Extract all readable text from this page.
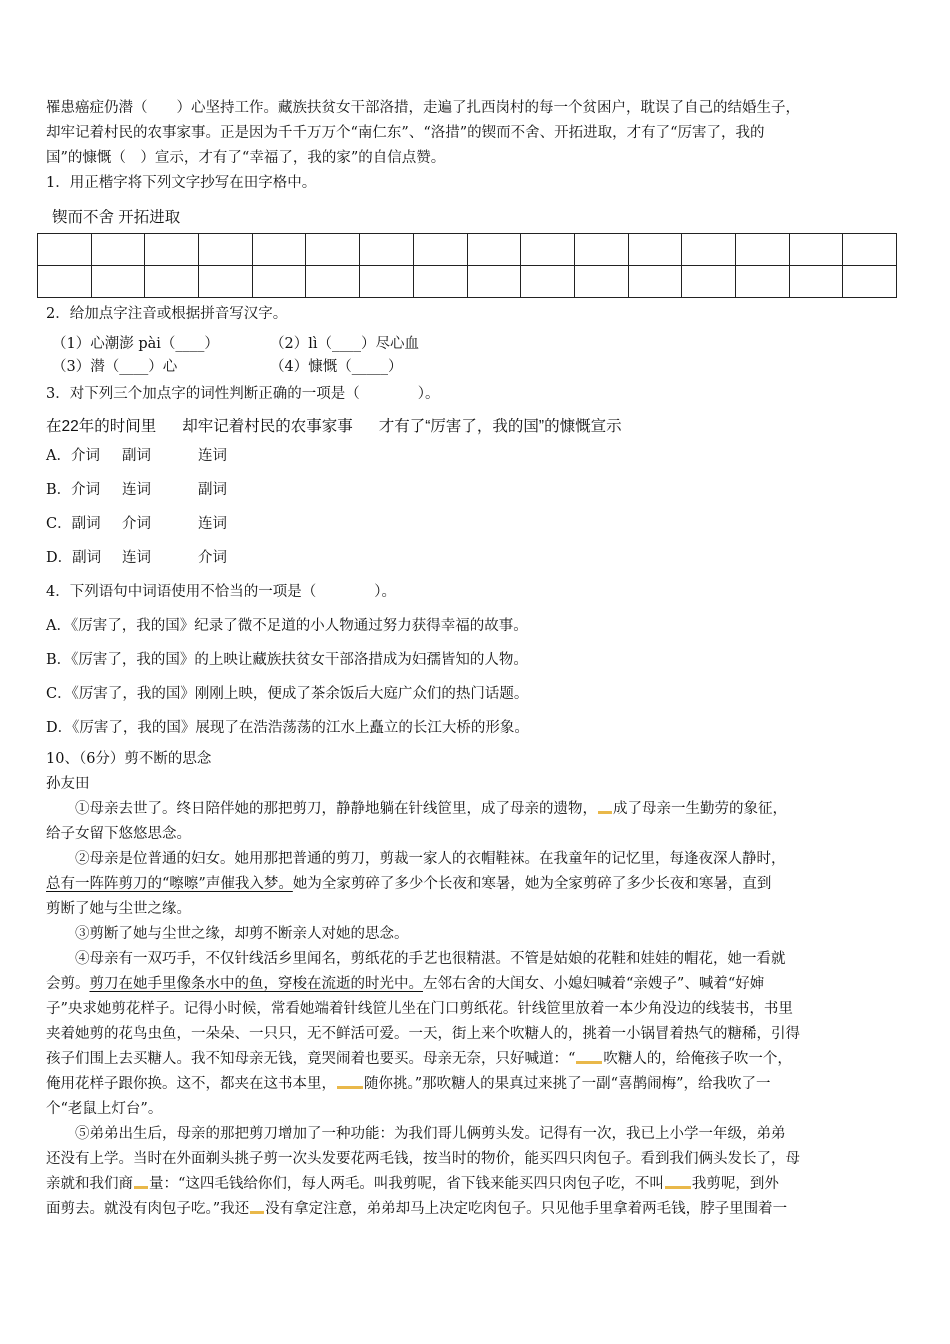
罹患癌症仍潜（　　）心坚持工作。藏族扶贫女干部洛措，走遍了扎西岗村的每一个贫困户，耽误了自己的结婚生子，

却牢记着村民的农事家事。正是因为千千万万个“南仁东”、“洛措”的锲而不舍、开拓进取，才有了“厉害了，我的

国”的慷慨（　）宣示，才有了“幸福了，我的家”的自信点赞。

1．用正楷字将下列文字抄写在田字格中。

锲而不舍 开拓进取

2．给加点字注音或根据拼音写汉字。

（1）心潮澎 pài（____）	（2）lì（____）尽心血

（3）潜（____）心	（4）慷慨（_____）

3．对下列三个加点字的词性判断正确的一项是（　　　　）。

在22年的时间里 却牢记着村民的农事家事 才有了“厉害了，我的国”的慷慨宣示

A．介词 副词	连词

B．介词 连词	副词

C．副词 介词	连词

D．副词 连词	介词

4．下列语句中词语使用不恰当的一项是（　　　　）。

A．《厉害了，我的国》纪录了微不足道的小人物通过努力获得幸福的故事。

B．《厉害了，我的国》的上映让藏族扶贫女干部洛措成为妇孺皆知的人物。

C．《厉害了，我的国》刚刚上映，便成了茶余饭后大庭广众们的热门话题。

D．《厉害了，我的国》展现了在浩浩荡荡的江水上矗立的长江大桥的形象。

10、（6分）剪不断的思念

孙友田

①母亲去世了。终日陪伴她的那把剪刀，静静地躺在针线笸里，成了母亲的遗物， 成了母亲一生勤劳的象征，

给子女留下悠悠思念。

②母亲是位普通的妇女。她用那把普通的剪刀，剪裁一家人的衣帽鞋袜。在我童年的记忆里，每逢夜深人静时，

总有一阵阵剪刀的“嚓嚓”声催我入梦。她为全家剪碎了多少个长夜和寒暑，她为全家剪碎了多少长夜和寒暑，直到

剪断了她与尘世之缘。

③剪断了她与尘世之缘，却剪不断亲人对她的思念。

④母亲有一双巧手，不仅针线活乡里闻名，剪纸花的手艺也很精湛。不管是姑娘的花鞋和娃娃的帽花，她一看就

会剪。剪刀在她手里像条水中的鱼，穿梭在流逝的时光中。左邻右舍的大闺女、小媳妇喊着“亲嫂子”、喊着“好婶

子”央求她剪花样子。记得小时候，常看她端着针线笸儿坐在门口剪纸花。针线笸里放着一本少角没边的线装书，书里

夹着她剪的花鸟虫鱼，一朵朵、一只只，无不鲜活可爱。一天，街上来个吹糖人的，挑着一小锅冒着热气的糖稀，引得

孩子们围上去买糖人。我不知母亲无钱，竟哭闹着也要买。母亲无奈，只好喊道：“ 吹糖人的，给俺孩子吹一个，

俺用花样子跟你换。这不，都夹在这书本里， 随你挑。”那吹糖人的果真过来挑了一副“喜鹊闹梅”，给我吹了一

个“老鼠上灯台”。

⑤弟弟出生后，母亲的那把剪刀增加了一种功能：为我们哥儿俩剪头发。记得有一次，我已上小学一年级，弟弟

还没有上学。当时在外面剃头挑子剪一次头发要花两毛钱，按当时的物价，能买四只肉包子。看到我们俩头发长了，母

亲就和我们商 量：“这四毛钱给你们，每人两毛。叫我剪呢，省下钱来能买四只肉包子吃，不叫 我剪呢，到外

面剪去。就没有肉包子吃。”我还 没有拿定注意，弟弟却马上决定吃肉包子。只见他手里拿着两毛钱，脖子里围着一
